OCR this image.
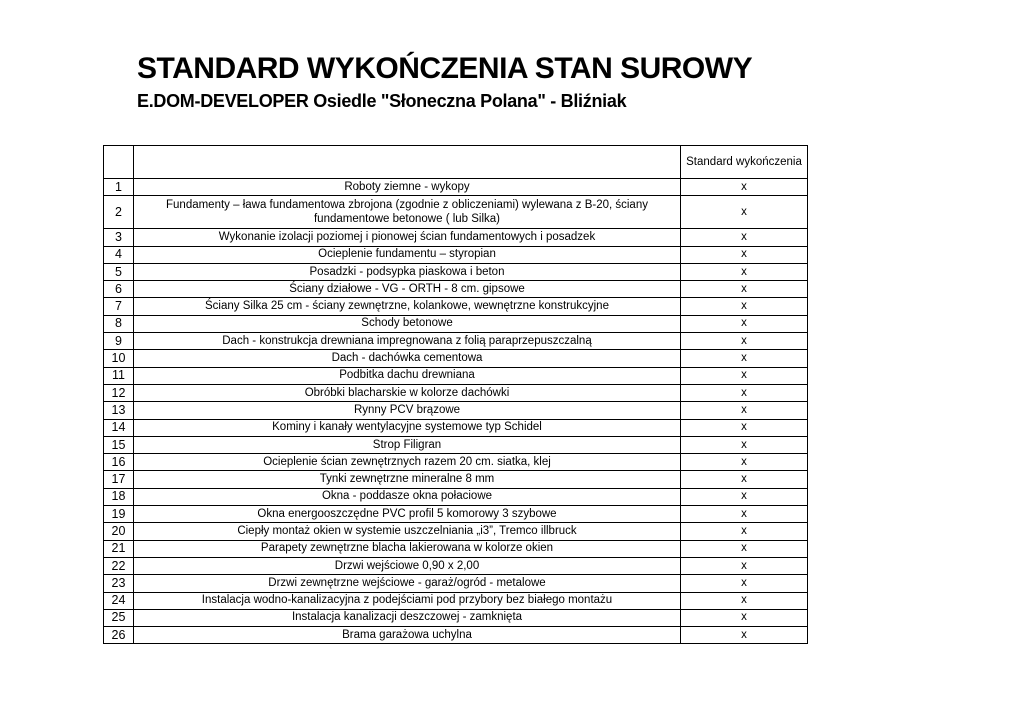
STANDARD WYKOŃCZENIA STAN SUROWY
E.DOM-DEVELOPER Osiedle "Słoneczna Polana" - Bliźniak
		Standard wykończenia
1	Roboty ziemne - wykopy	x
2	Fundamenty – ława fundamentowa zbrojona (zgodnie z obliczeniami) wylewana z B-20, ściany fundamentowe betonowe ( lub Silka)	x
3	Wykonanie izolacji poziomej i pionowej ścian fundamentowych i posadzek	x
4	Ocieplenie fundamentu – styropian	x
5	Posadzki - podsypka piaskowa i beton	x
6	Ściany działowe - VG - ORTH - 8 cm. gipsowe	x
7	Ściany Silka 25 cm - ściany zewnętrzne, kolankowe, wewnętrzne konstrukcyjne	x
8	Schody betonowe	x
9	Dach - konstrukcja drewniana impregnowana z folią paraprzepuszczalną	x
10	Dach - dachówka cementowa	x
11	Podbitka dachu drewniana	x
12	Obróbki blacharskie w kolorze dachówki	x
13	Rynny PCV brązowe	x
14	Kominy i kanały wentylacyjne systemowe typ Schidel	x
15	Strop Filigran	x
16	Ocieplenie ścian zewnętrznych razem 20 cm. siatka, klej	x
17	Tynki zewnętrzne mineralne 8 mm	x
18	Okna - poddasze okna połaciowe	x
19	Okna energooszczędne PVC profil 5 komorowy 3 szybowe	x
20	Ciepły montaż okien w systemie uszczelniania „i3”, Tremco illbruck	x
21	Parapety zewnętrzne blacha lakierowana w kolorze okien	x
22	Drzwi wejściowe 0,90 x 2,00	x
23	Drzwi zewnętrzne wejściowe - garaż/ogród - metalowe	x
24	Instalacja wodno-kanalizacyjna z podejściami pod przybory bez białego montażu	x
25	Instalacja kanalizacji deszczowej - zamknięta	x
26	Brama garażowa uchylna	x
